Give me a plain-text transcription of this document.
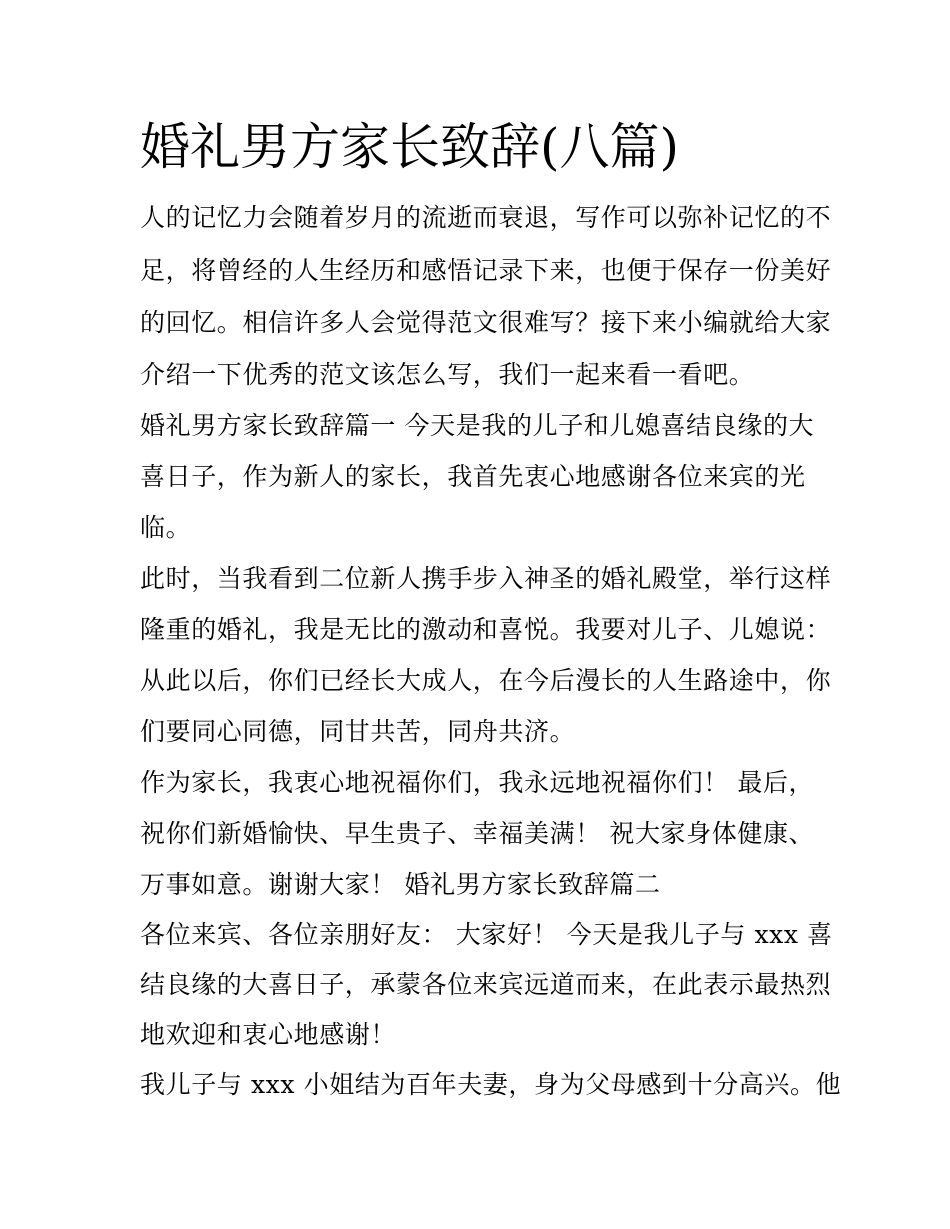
婚礼男方家长致辞(八篇)

人的记忆力会随着岁月的流逝而衰退，写作可以弥补记忆的不

足，将曾经的人生经历和感悟记录下来，也便于保存一份美好

的回忆。相信许多人会觉得范文很难写？接下来小编就给大家

介绍一下优秀的范文该怎么写，我们一起来看一看吧。

婚礼男方家长致辞篇一 今天是我的儿子和儿媳喜结良缘的大

喜日子，作为新人的家长，我首先衷心地感谢各位来宾的光

临。

此时，当我看到二位新人携手步入神圣的婚礼殿堂，举行这样

隆重的婚礼，我是无比的激动和喜悦。我要对儿子、儿媳说：

从此以后，你们已经长大成人，在今后漫长的人生路途中，你

们要同心同德，同甘共苦，同舟共济。

作为家长，我衷心地祝福你们，我永远地祝福你们！ 最后，

祝你们新婚愉快、早生贵子、幸福美满！ 祝大家身体健康、

万事如意。谢谢大家！ 婚礼男方家长致辞篇二

各位来宾、各位亲朋好友： 大家好！ 今天是我儿子与 xxx 喜

结良缘的大喜日子，承蒙各位来宾远道而来，在此表示最热烈

地欢迎和衷心地感谢！

我儿子与 xxx 小姐结为百年夫妻，身为父母感到十分高兴。他
